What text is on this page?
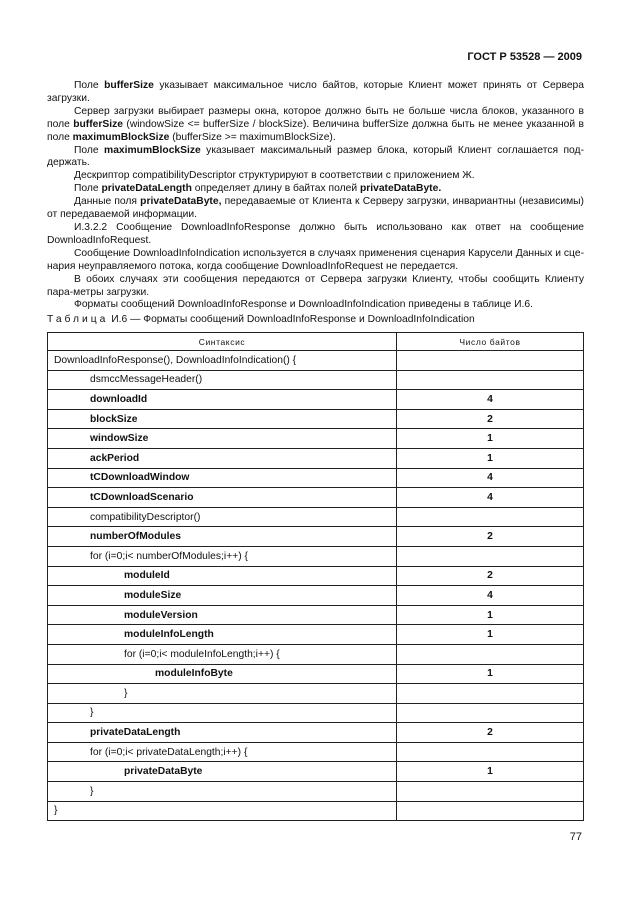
ГОСТ Р 53528 — 2009

Поле bufferSize указывает максимальное число байтов, которые Клиент может принять от Сервера загрузки.

Сервер загрузки выбирает размеры окна, которое должно быть не больше числа блоков, указанного в поле bufferSize (windowSize <= bufferSize / blockSize). Величина bufferSize должна быть не менее указанной в поле maximumBlockSize (bufferSize >= maximumBlockSize).

Поле maximumBlockSize указывает максимальный размер блока, который Клиент соглашается под-держать.

Дескриптор compatibilityDescriptor структурируют в соответствии с приложением Ж.

Поле privateDataLength определяет длину в байтах полей privateDataByte.

Данные поля privateDataByte, передаваемые от Клиента к Серверу загрузки, инвариантны (независимы) от передаваемой информации.

И.3.2.2 Сообщение DownloadInfoResponse должно быть использовано как ответ на сообщение DownloadInfoRequest.

Сообщение DownloadInfoIndication используется в случаях применения сценария Карусели Данных и сце-нария неуправляемого потока, когда сообщение DownloadInfoRequest не передается.

В обоих случаях эти сообщения передаются от Сервера загрузки Клиенту, чтобы сообщить Клиенту пара-метры загрузки.

Форматы сообщений DownloadInfoResponse и DownloadInfoIndication приведены в таблице И.6.

Таблица И.6 — Форматы сообщений DownloadInfoResponse и DownloadInfoIndication
Синтаксис	Число байтов
DownloadInfoResponse(), DownloadInfoIndication() {	
dsmccMessageHeader()	
downloadId	4
blockSize	2
windowSize	1
ackPeriod	1
tCDownloadWindow	4
tCDownloadScenario	4
compatibilityDescriptor()	
numberOfModules	2
for (i=0;i< numberOfModules;i++) {	
moduleId	2
moduleSize	4
moduleVersion	1
moduleInfoLength	1
for (i=0;i< moduleInfoLength;i++) {	
moduleInfoByte	1
}	
}	
privateDataLength	2
for (i=0;i< privateDataLength;i++) {	
privateDataByte	1
}	
}	
77
